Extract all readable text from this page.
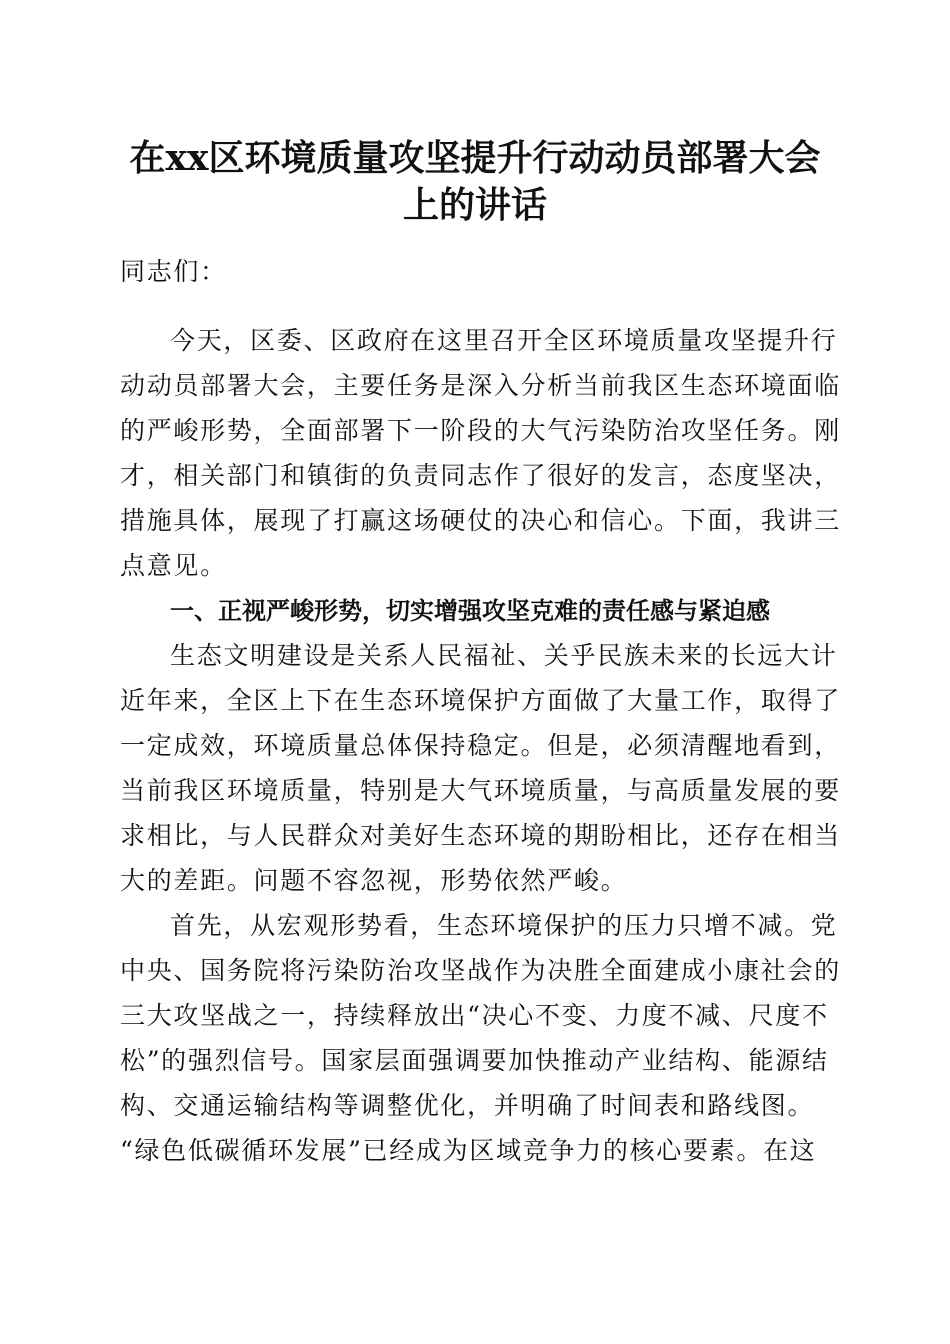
在xx区环境质量攻坚提升行动动员部署大会
上的讲话
同志们：
今天，区委、区政府在这里召开全区环境质量攻坚提升行
动动员部署大会，主要任务是深入分析当前我区生态环境面临
的严峻形势，全面部署下一阶段的大气污染防治攻坚任务。刚
才，相关部门和镇街的负责同志作了很好的发言，态度坚决，
措施具体，展现了打赢这场硬仗的决心和信心。下面，我讲三
点意见。
一、正视严峻形势，切实增强攻坚克难的责任感与紧迫感
生态文明建设是关系人民福祉、关乎民族未来的长远大计
近年来，全区上下在生态环境保护方面做了大量工作，取得了
一定成效，环境质量总体保持稳定。但是，必须清醒地看到，
当前我区环境质量，特别是大气环境质量，与高质量发展的要
求相比，与人民群众对美好生态环境的期盼相比，还存在相当
大的差距。问题不容忽视，形势依然严峻。
首先，从宏观形势看，生态环境保护的压力只增不减。党
中央、国务院将污染防治攻坚战作为决胜全面建成小康社会的
三大攻坚战之一，持续释放出“决心不变、力度不减、尺度不
松”的强烈信号。国家层面强调要加快推动产业结构、能源结
构、交通运输结构等调整优化，并明确了时间表和路线图。
“绿色低碳循环发展”已经成为区域竞争力的核心要素。在这
